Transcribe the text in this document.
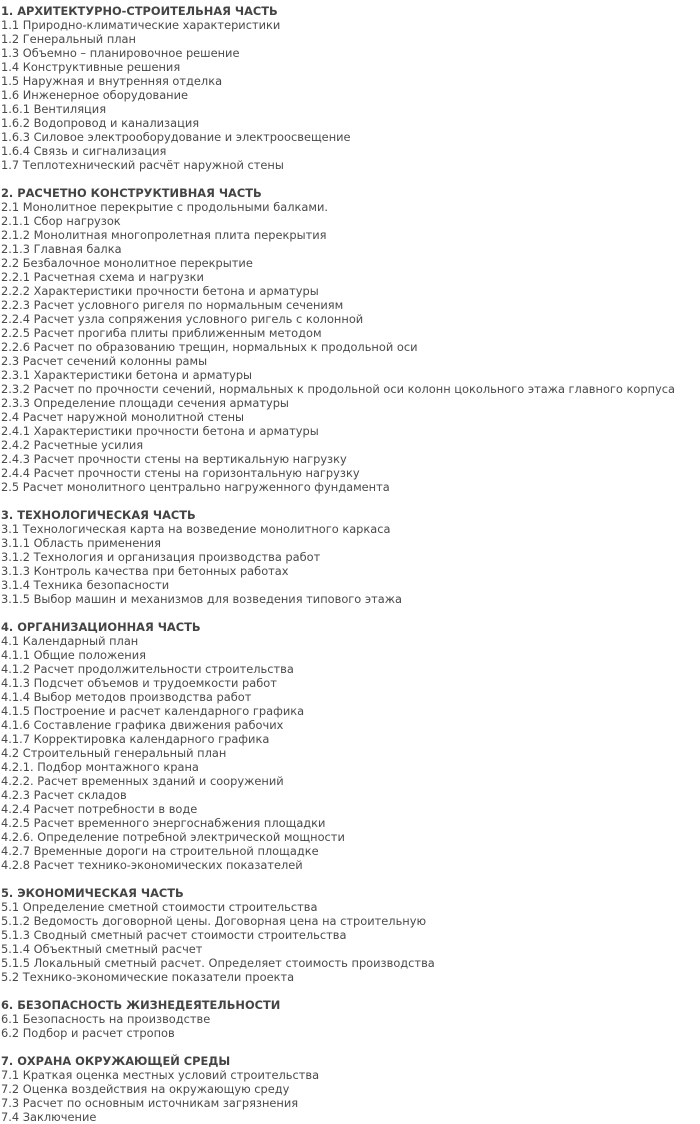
1. АРХИТЕКТУРНО-СТРОИТЕЛЬНАЯ ЧАСТЬ
1.1 Природно-климатические характеристики
1.2 Генеральный план
1.3 Объемно – планировочное решение
1.4 Конструктивные решения
1.5 Наружная и внутренняя отделка
1.6 Инженерное оборудование
1.6.1 Вентиляция
1.6.2 Водопровод и канализация
1.6.3 Силовое электрооборудование и электроосвещение
1.6.4 Связь и сигнализация
1.7 Теплотехнический расчёт наружной стены
2. РАСЧЕТНО КОНСТРУКТИВНАЯ ЧАСТЬ
2.1 Монолитное перекрытие с продольными балками.
2.1.1 Сбор нагрузок
2.1.2 Монолитная многопролетная плита перекрытия
2.1.3 Главная балка
2.2 Безбалочное монолитное перекрытие
2.2.1 Расчетная схема и нагрузки
2.2.2 Характеристики прочности бетона и арматуры
2.2.3 Расчет условного ригеля по нормальным сечениям
2.2.4 Расчет узла сопряжения условного ригель с колонной
2.2.5 Расчет прогиба плиты приближенным методом
2.2.6 Расчет по образованию трещин, нормальных к продольной оси
2.3 Расчет сечений колонны рамы
2.3.1 Характеристики бетона и арматуры
2.3.2 Расчет по прочности сечений, нормальных к продольной оси колонн цокольного этажа главного корпуса
2.3.3 Определение площади сечения арматуры
2.4 Расчет наружной монолитной стены
2.4.1 Характеристики прочности бетона и арматуры
2.4.2 Расчетные усилия
2.4.3 Расчет прочности стены на вертикальную нагрузку
2.4.4 Расчет прочности стены на горизонтальную нагрузку
2.5 Расчет монолитного центрально нагруженного фундамента
3. ТЕХНОЛОГИЧЕСКАЯ ЧАСТЬ
3.1 Технологическая карта на возведение монолитного каркаса
3.1.1 Область применения
3.1.2 Технология и организация производства работ
3.1.3 Контроль качества при бетонных работах
3.1.4 Техника безопасности
3.1.5 Выбор машин и механизмов для возведения типового этажа
4. ОРГАНИЗАЦИОННАЯ ЧАСТЬ
4.1 Календарный план
4.1.1 Общие положения
4.1.2 Расчет продолжительности строительства
4.1.3 Подсчет объемов и трудоемкости работ
4.1.4 Выбор методов производства работ
4.1.5 Построение и расчет календарного графика
4.1.6 Составление графика движения рабочих
4.1.7 Корректировка календарного графика
4.2 Строительный генеральный план
4.2.1. Подбор монтажного крана
4.2.2. Расчет временных зданий и сооружений
4.2.3 Расчет складов
4.2.4 Расчет потребности в воде
4.2.5 Расчет временного энергоснабжения площадки
4.2.6. Определение потребной электрической мощности
4.2.7 Временные дороги на строительной площадке
4.2.8 Расчет технико-экономических показателей
5. ЭКОНОМИЧЕСКАЯ ЧАСТЬ
5.1 Определение сметной стоимости строительства
5.1.2 Ведомость договорной цены. Договорная цена на строительную
5.1.3 Сводный сметный расчет стоимости строительства
5.1.4 Объектный сметный расчет
5.1.5 Локальный сметный расчет. Определяет стоимость производства
5.2 Технико-экономические показатели проекта
6. БЕЗОПАСНОСТЬ ЖИЗНЕДЕЯТЕЛЬНОСТИ
6.1 Безопасность на производстве
6.2 Подбор и расчет стропов
7. ОХРАНА ОКРУЖАЮЩЕЙ СРЕДЫ
7.1 Краткая оценка местных условий строительства
7.2 Оценка воздействия на окружающую среду
7.3 Расчет по основным источникам загрязнения
7.4 Заключение
